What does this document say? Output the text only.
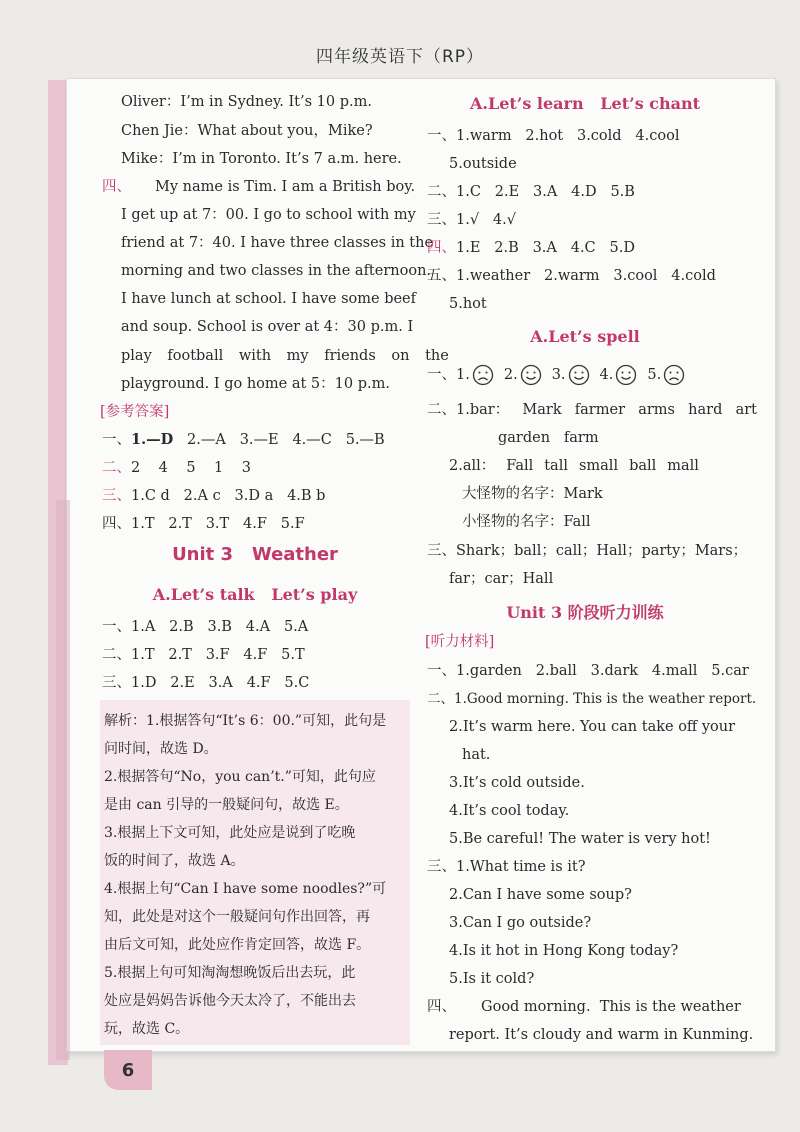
四年级英语下（RP）
Oliver：I’m in Sydney. It’s 10 p.m.
Chen Jie：What about you，Mike?
Mike：I’m in Toronto. It’s 7 a.m. here.
四、 My name is Tim. I am a British boy.
I get up at 7：00. I go to school with my
friend at 7：40. I have three classes in the
morning and two classes in the afternoon.
I have lunch at school. I have some beef
and soup. School is over at 4：30 p.m. I
play football with my friends on the
playground. I go home at 5：10 p.m.
[参考答案]
一、1.—D 2.—A 3.—E 4.—C 5.—B
二、2 4 5 1 3
三、1.C d 2.A c 3.D a 4.B b
四、1.T 2.T 3.T 4.F 5.F
Unit 3   Weather
A.Let’s talk   Let’s play
一、1.A 2.B 3.B 4.A 5.A
二、1.T 2.T 3.F 4.F 5.T
三、1.D 2.E 3.A 4.F 5.C
解析：1.根据答句“It’s 6：00.”可知，此句是
问时间，故选 D。
2.根据答句“No，you can’t.”可知，此句应
是由 can 引导的一般疑问句，故选 E。
3.根据上下文可知，此处应是说到了吃晚
饭的时间了，故选 A。
4.根据上句“Can I have some noodles?”可
知，此处是对这个一般疑问句作出回答，再
由后文可知，此处应作肯定回答，故选 F。
5.根据上句可知淘淘想晚饭后出去玩，此
处应是妈妈告诉他今天太冷了，不能出去
玩，故选 C。
A.Let’s learn   Let’s chant
一、1.warm 2.hot 3.cold 4.cool
5.outside
二、1.C 2.E 3.A 4.D 5.B
三、1.√ 4.√
四、1.E 2.B 3.A 4.C 5.D
五、1.weather 2.warm 3.cool 4.cold
5.hot
A.Let’s spell
一、1. 2. 3. 4. 5.
二、1.bar： Mark farmer arms hard art
garden   farm
2.all： Fall tall small ball mall
大怪物的名字：Mark
小怪物的名字：Fall
三、Shark；ball；call；Hall；party；Mars；
far；car；Hall
Unit 3 阶段听力训练
[听力材料]
一、1.garden 2.ball 3.dark 4.mall 5.car
二、1.Good morning. This is the weather report.
2.It’s warm here. You can take off your
hat.
3.It’s cold outside.
4.It’s cool today.
5.Be careful! The water is very hot!
三、1.What time is it?
2.Can I have some soup?
3.Can I go outside?
4.Is it hot in Hong Kong today?
5.Is it cold?
四、 Good morning.  This is the weather
report. It’s cloudy and warm in Kunming.
6
